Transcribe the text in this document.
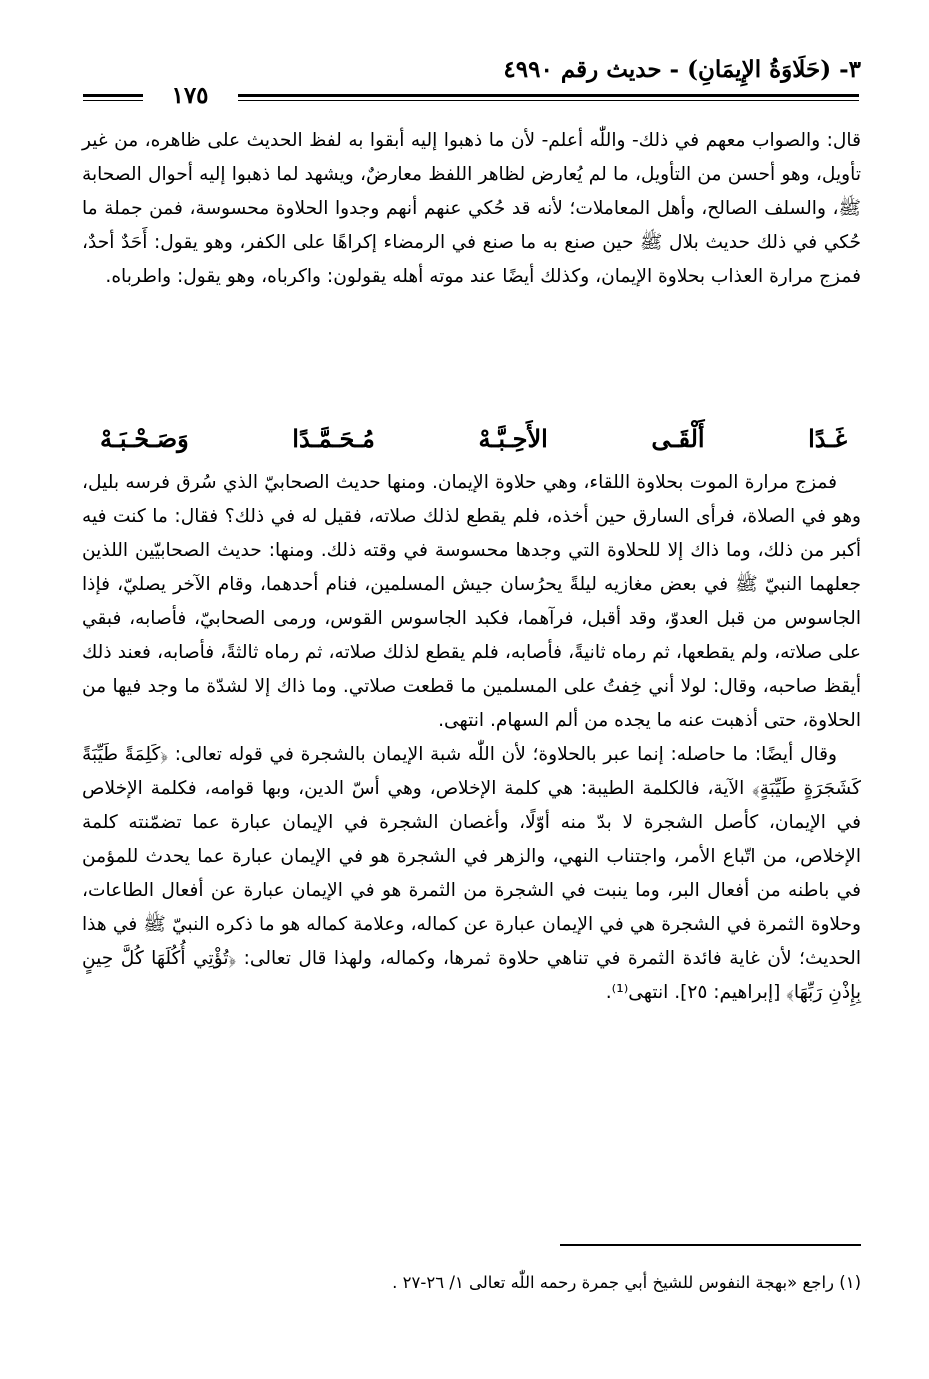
٣- (حَلَاوَةُ الإِيمَانِ) - حديث رقم ٤٩٩٠
١٧٥

قال: والصواب معهم في ذلك- واللّٰه أعلم- لأن ما ذهبوا إليه أبقوا به لفظ الحديث على ظاهره، من غير تأويل، وهو أحسن من التأويل، ما لم يُعارض لظاهر اللفظ معارضٌ، ويشهد لما ذهبوا إليه أحوال الصحابة ﷺ، والسلف الصالح، وأهل المعاملات؛ لأنه قد حُكي عنهم أنهم وجدوا الحلاوة محسوسة، فمن جملة ما حُكي في ذلك حديث بلال ﷺ حين صنع به ما صنع في الرمضاء إكراهًا على الكفر، وهو يقول: أَحَدٌ أحدٌ، فمزج مرارة العذاب بحلاوة الإيمان، وكذلك أيضًا عند موته أهله يقولون: واكرباه، وهو يقول: واطرباه.

غَـدًا
أَلْقَـى
الأَحِـبَّـهْ
مُـحَـمَّـدًا
وَصَـحْـبَـهْ

فمزج مرارة الموت بحلاوة اللقاء، وهي حلاوة الإيمان. ومنها حديث الصحابيّ الذي سُرق فرسه بليل، وهو في الصلاة، فرأى السارق حين أخذه، فلم يقطع لذلك صلاته، فقيل له في ذلك؟ فقال: ما كنت فيه أكبر من ذلك، وما ذاك إلا للحلاوة التي وجدها محسوسة في وقته ذلك. ومنها: حديث الصحابيّين اللذين جعلهما النبيّ ﷺ في بعض مغازيه ليلةً يحرُسان جيش المسلمين، فنام أحدهما، وقام الآخر يصليّ، فإذا الجاسوس من قبل العدوّ، وقد أقبل، فرآهما، فكبد الجاسوس القوس، ورمى الصحابيّ، فأصابه، فبقي على صلاته، ولم يقطعها، ثم رماه ثانيةً، فأصابه، فلم يقطع لذلك صلاته، ثم رماه ثالثةً، فأصابه، فعند ذلك أيقظ صاحبه، وقال: لولا أني خِفتُ على المسلمين ما قطعت صلاتي. وما ذاك إلا لشدّة ما وجد فيها من الحلاوة، حتى أذهبت عنه ما يجده من ألم السهام. انتهى.

وقال أيضًا: ما حاصله: إنما عبر بالحلاوة؛ لأن اللّٰه شبة الإيمان بالشجرة في قوله تعالى: ﴿كَلِمَةً طَيِّبَةً كَشَجَرَةٍ طَيِّبَةٍ﴾ الآية، فالكلمة الطيبة: هي كلمة الإخلاص، وهي أسّ الدين، وبها قوامه، فكلمة الإخلاص في الإيمان، كأصل الشجرة لا بدّ منه أوّلًا، وأغصان الشجرة في الإيمان عبارة عما تضمّنته كلمة الإخلاص، من اتّباع الأمر، واجتناب النهي، والزهر في الشجرة هو في الإيمان عبارة عما يحدث للمؤمن في باطنه من أفعال البر، وما ينبت في الشجرة من الثمرة هو في الإيمان عبارة عن أفعال الطاعات، وحلاوة الثمرة في الشجرة هي في الإيمان عبارة عن كماله، وعلامة كماله هو ما ذكره النبيّ ﷺ في هذا الحديث؛ لأن غاية فائدة الثمرة في تناهي حلاوة ثمرها، وكماله، ولهذا قال تعالى: ﴿تُؤْتِي أُكُلَهَا كُلَّ حِينٍ بِإِذْنِ رَبِّهَا﴾ [إبراهيم: ٢٥]. انتهى⁽¹⁾.

(١) راجع «بهجة النفوس للشيخ أبي جمرة رحمه اللّٰه تعالى ١/ ٢٦-٢٧ .
